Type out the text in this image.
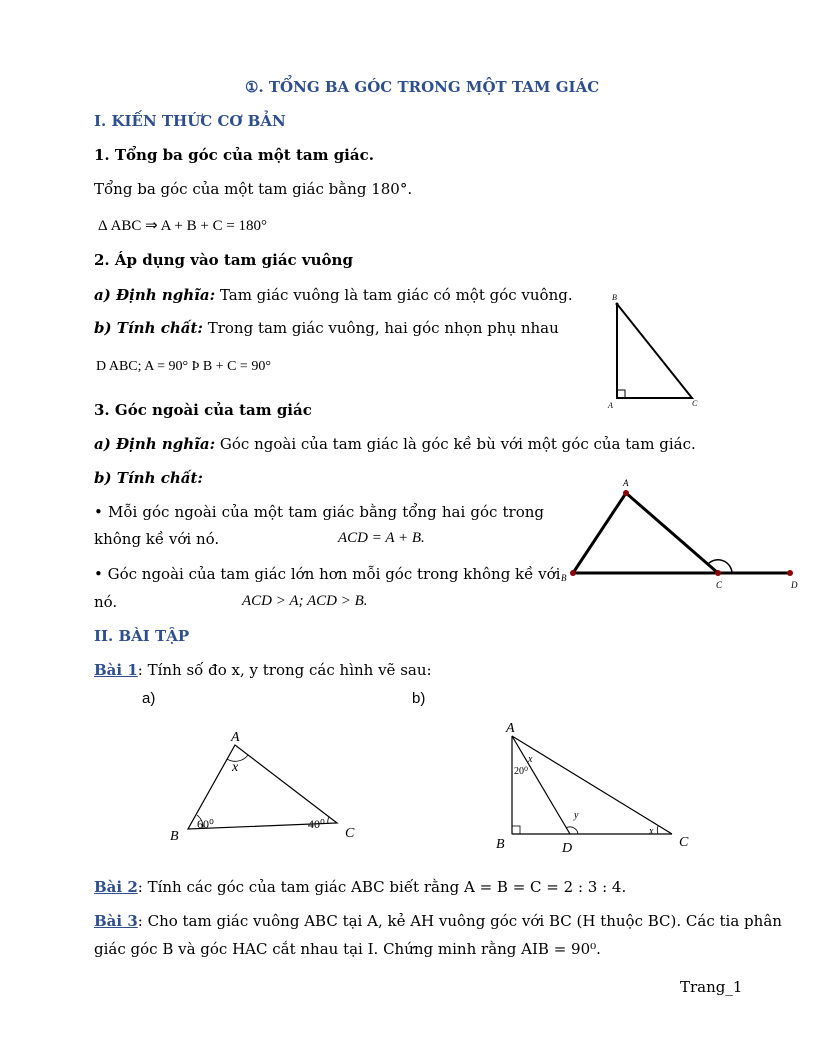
①. TỔNG BA GÓC TRONG MỘT TAM GIÁC
I. KIẾN THỨC CƠ BẢN
1. Tổng ba góc của một tam giác.
Tổng ba góc của một tam giác bằng 180°.
Δ ABC ⇒ A + B + C = 180°
2. Áp dụng vào tam giác vuông
a) Định nghĩa: Tam giác vuông là tam giác có một góc vuông.
b) Tính chất: Trong tam giác vuông, hai góc nhọn phụ nhau
D ABC; A = 90° Þ B + C = 90°
3. Góc ngoài của tam giác
a) Định nghĩa: Góc ngoài của tam giác là góc kề bù với một góc của tam giác.
b) Tính chất:
• Mỗi góc ngoài của một tam giác bằng tổng hai góc trong
không kề với nó.	ACD = A + B.
• Góc ngoài của tam giác lớn hơn mỗi góc trong không kề với
nó.	ACD > A; ACD > B.
II. BÀI TẬP
Bài 1: Tính số đo x, y trong các hình vẽ sau:
a)	b)
Bài 2: Tính các góc của tam giác ABC biết rằng A = B = C = 2 : 3 : 4.
Bài 3: Cho tam giác vuông ABC tại A, kẻ AH vuông góc với BC (H thuộc BC). Các tia phân
giác góc B và góc HAC cắt nhau tại I. Chứng minh rằng AIB = 90⁰.
Trang_1
B
A	C
A
B
C	D
A
B	C
x
60⁰	40⁰
A
B	C
D
x
x
y
20⁰
